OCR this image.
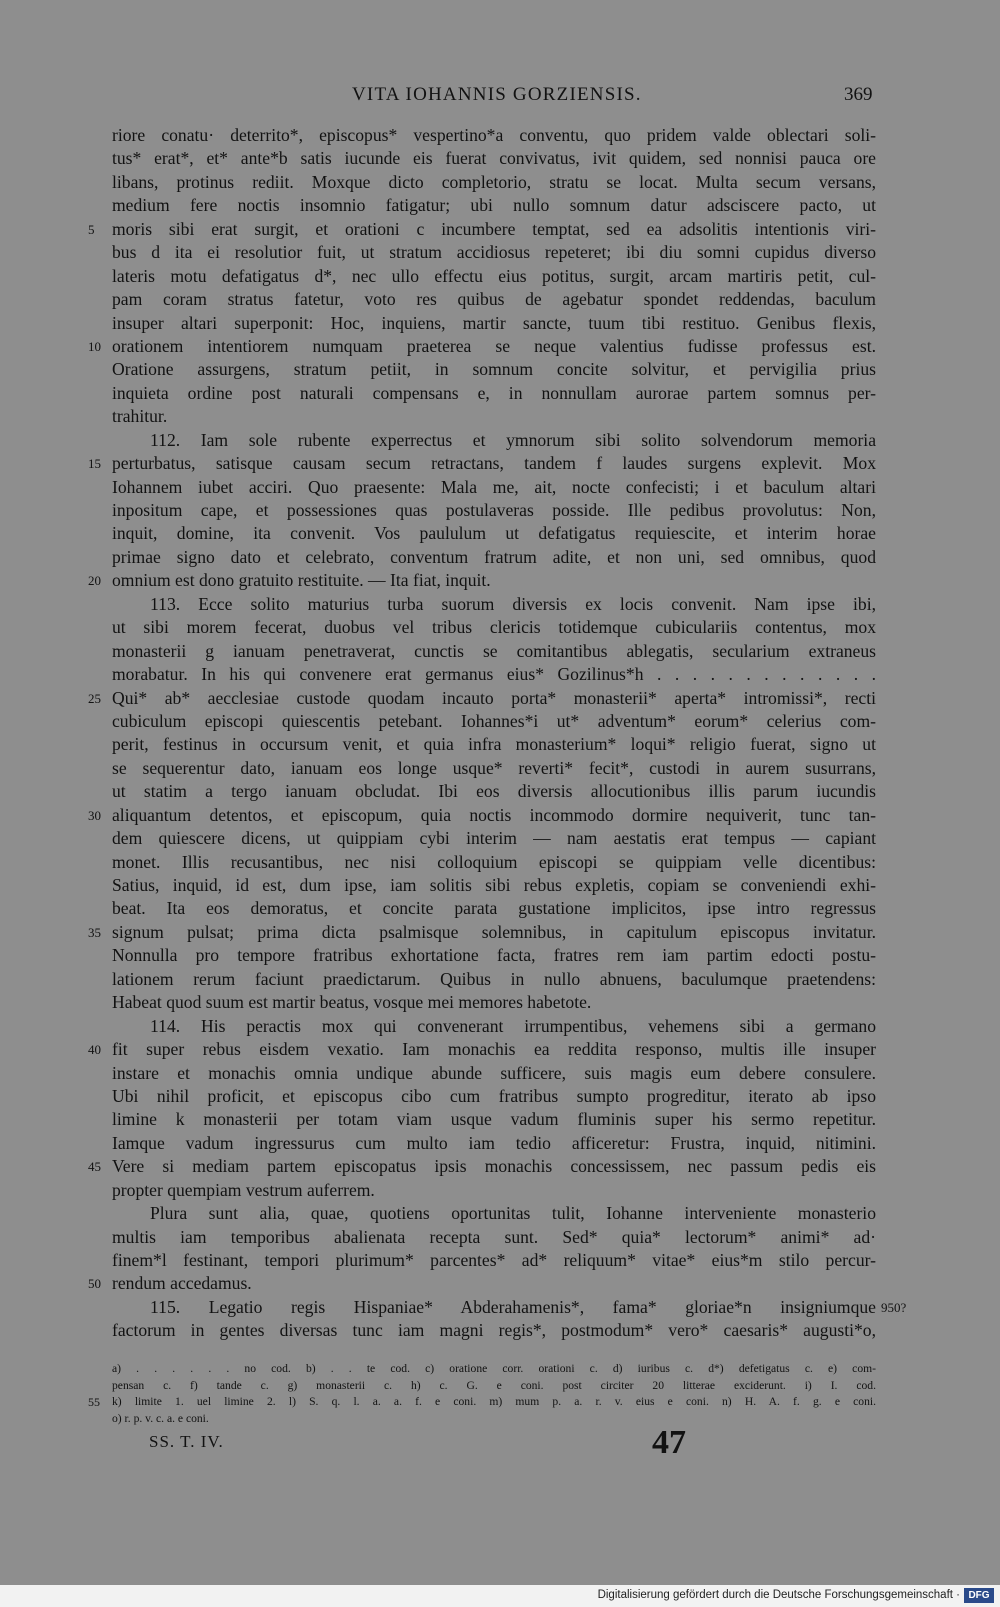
VITA IOHANNIS GORZIENSIS.	369
riore conatu· deterrito*, episcopus* vespertino*a conventu, quo pridem valde oblectari soli-
tus* erat*, et* ante*b satis iucunde eis fuerat convivatus, ivit quidem, sed nonnisi pauca ore
libans, protinus rediit. Moxque dicto completorio, stratu se locat. Multa secum versans,
medium fere noctis insomnio fatigatur; ubi nullo somnum datur adsciscere pacto, ut
5 moris sibi erat surgit, et orationi c incumbere temptat, sed ea adsolitis intentionis viri-
bus d ita ei resolutior fuit, ut stratum accidiosus repeteret; ibi diu somni cupidus diverso
lateris motu defatigatus d*, nec ullo effectu eius potitus, surgit, arcam martiris petit, cul-
pam coram stratus fatetur, voto res quibus de agebatur spondet reddendas, baculum
insuper altari superponit: Hoc, inquiens, martir sancte, tuum tibi restituo. Genibus flexis,
10 orationem intentiorem numquam praeterea se neque valentius fudisse professus est.
Oratione assurgens, stratum petiit, in somnum concite solvitur, et pervigilia prius
inquieta ordine post naturali compensans e, in nonnullam aurorae partem somnus per-
trahitur.
112. Iam sole rubente experrectus et ymnorum sibi solito solvendorum memoria
15 perturbatus, satisque causam secum retractans, tandem f laudes surgens explevit. Mox
Iohannem iubet acciri. Quo praesente: Mala me, ait, nocte confecisti; i et baculum altari
inpositum cape, et possessiones quas postulaveras posside. Ille pedibus provolutus: Non,
inquit, domine, ita convenit. Vos paululum ut defatigatus requiescite, et interim horae
primae signo dato et celebrato, conventum fratrum adite, et non uni, sed omnibus, quod
20 omnium est dono gratuito restituite. — Ita fiat, inquit.
113. Ecce solito maturius turba suorum diversis ex locis convenit. Nam ipse ibi,
ut sibi morem fecerat, duobus vel tribus clericis totidemque cubiculariis contentus, mox
monasterii g ianuam penetraverat, cunctis se comitantibus ablegatis, secularium extraneus
morabatur. In his qui convenere erat germanus eius* Gozilinus*h . . . . . . . . . . . . .
25 Qui* ab* aecclesiae custode quodam incauto porta* monasterii* aperta* intromissi*, recti
cubiculum episcopi quiescentis petebant. Iohannes*i ut* adventum* eorum* celerius com-
perit, festinus in occursum venit, et quia infra monasterium* loqui* religio fuerat, signo ut
se sequerentur dato, ianuam eos longe usque* reverti* fecit*, custodi in aurem susurrans,
ut statim a tergo ianuam obcludat. Ibi eos diversis allocutionibus illis parum iucundis
30 aliquantum detentos, et episcopum, quia noctis incommodo dormire nequiverit, tunc tan-
dem quiescere dicens, ut quippiam cybi interim — nam aestatis erat tempus — capiant
monet. Illis recusantibus, nec nisi colloquium episcopi se quippiam velle dicentibus:
Satius, inquid, id est, dum ipse, iam solitis sibi rebus expletis, copiam se conveniendi exhi-
beat. Ita eos demoratus, et concite parata gustatione implicitos, ipse intro regressus
35 signum pulsat; prima dicta psalmisque solemnibus, in capitulum episcopus invitatur.
Nonnulla pro tempore fratribus exhortatione facta, fratres rem iam partim edocti postu-
lationem rerum faciunt praedictarum. Quibus in nullo abnuens, baculumque praetendens:
Habeat quod suum est martir beatus, vosque mei memores habetote.
114. His peractis mox qui convenerant irrumpentibus, vehemens sibi a germano
40 fit super rebus eisdem vexatio. Iam monachis ea reddita responso, multis ille insuper
instare et monachis omnia undique abunde sufficere, suis magis eum debere consulere.
Ubi nihil proficit, et episcopus cibo cum fratribus sumpto progreditur, iterato ab ipso
limine k monasterii per totam viam usque vadum fluminis super his sermo repetitur.
Iamque vadum ingressurus cum multo iam tedio afficeretur: Frustra, inquid, nitimini.
45 Vere si mediam partem episcopatus ipsis monachis concessissem, nec passum pedis eis
propter quempiam vestrum auferrem.
Plura sunt alia, quae, quotiens oportunitas tulit, Iohanne interveniente monasterio
multis iam temporibus abalienata recepta sunt. Sed* quia* lectorum* animi* ad·
finem*l festinant, tempori plurimum* parcentes* ad* reliquum* vitae* eius*m stilo percur-
50 rendum accedamus.
115. Legatio regis Hispaniae* Abderahamenis*, fama* gloriae*n insigniumque 950?
factorum in gentes diversas tunc iam magni regis*, postmodum* vero* caesaris* augusti*o,
a) . . . . . . no cod. b) . . te cod. c) oratione corr. orationi c. d) iuribus c. d*) defetigatus c. e) com-
pensan c. f) tande c. g) monasterii c. h) c. G. e coni. post circiter 20 litterae exciderunt. i) I. cod.
55 k) limite 1. uel limine 2. l) S. q. l. a. a. f. e coni. m) mum p. a. r. v. eius e coni. n) H. A. f. g. e coni.
o) r. p. v. c. a. e coni.
SS. T. IV.	47
Digitalisierung gefördert durch die Deutsche Forschungsgemeinschaft · DFG
